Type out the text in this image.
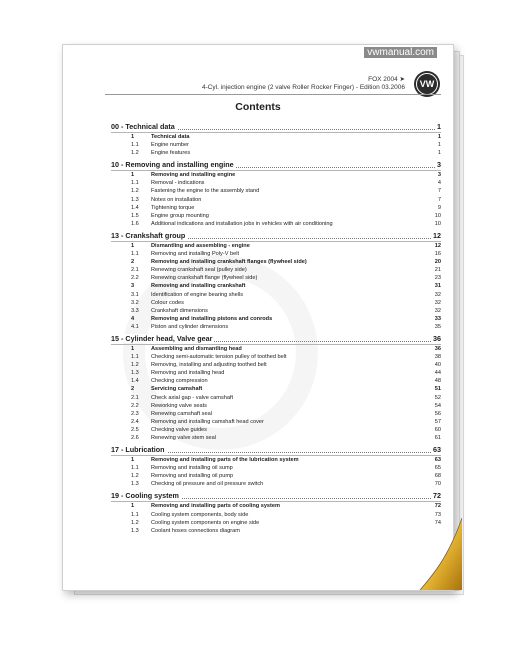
vwmanual.com
FOX 2004 ➤
4-Cyl. injection engine (2 valve Roller Rocker Finger) - Edition 03.2006	VW
Contents
00 - Technical data	1
1	Technical data	1
1.1 Engine number	1
1.2 Engine features	1
10 - Removing and installing engine	3
1	Removing and installing engine	3
1.1 Removal - indications	4
1.2 Fastening the engine to the assembly stand	7
1.3 Notes on installation	7
1.4 Tightening torque	9
1.5 Engine group mounting	10
1.6 Additional indications and installation jobs in vehicles with air conditioning	10
13 - Crankshaft group	12
1	Dismantling and assembling - engine	12
1.1 Removing and installing Poly-V belt	16
2	Removing and installing crankshaft flanges (flywheel side)	20
2.1 Renewing crankshaft seal (pulley side)	21
2.2 Renewing crankshaft flange (flywheel side)	23
3	Removing and installing crankshaft	31
3.1 Identification of engine bearing shells	32
3.2 Colour codes	32
3.3 Crankshaft dimensions	32
4	Removing and installing pistons and conrods	33
4.1 Piston and cylinder dimensions	35
15 - Cylinder head, Valve gear	36
1	Assembling and dismantling head	36
1.1 Checking semi-automatic tension pulley of toothed belt	38
1.2 Removing, installing and adjusting toothed belt	40
1.3 Removing and installing head	44
1.4 Checking compression	48
2	Servicing camshaft	51
2.1 Check axial gap - valve camshaft	52
2.2 Reworking valve seats	54
2.3 Renewing camshaft seal	56
2.4 Removing and installing camshaft head cover	57
2.5 Checking valve guides	60
2.6 Renewing valve stem seal	61
17 - Lubrication	63
1	Removing and installing parts of the lubrication system	63
1.1 Removing and installing oil sump	65
1.2 Removing and installing oil pump	68
1.3 Checking oil pressure and oil pressure switch	70
19 - Cooling system	72
1	Removing and installing parts of cooling system	72
1.1 Cooling system components, body side	73
1.2 Cooling system components on engine side	74
1.3 Coolant hoses connections diagram
